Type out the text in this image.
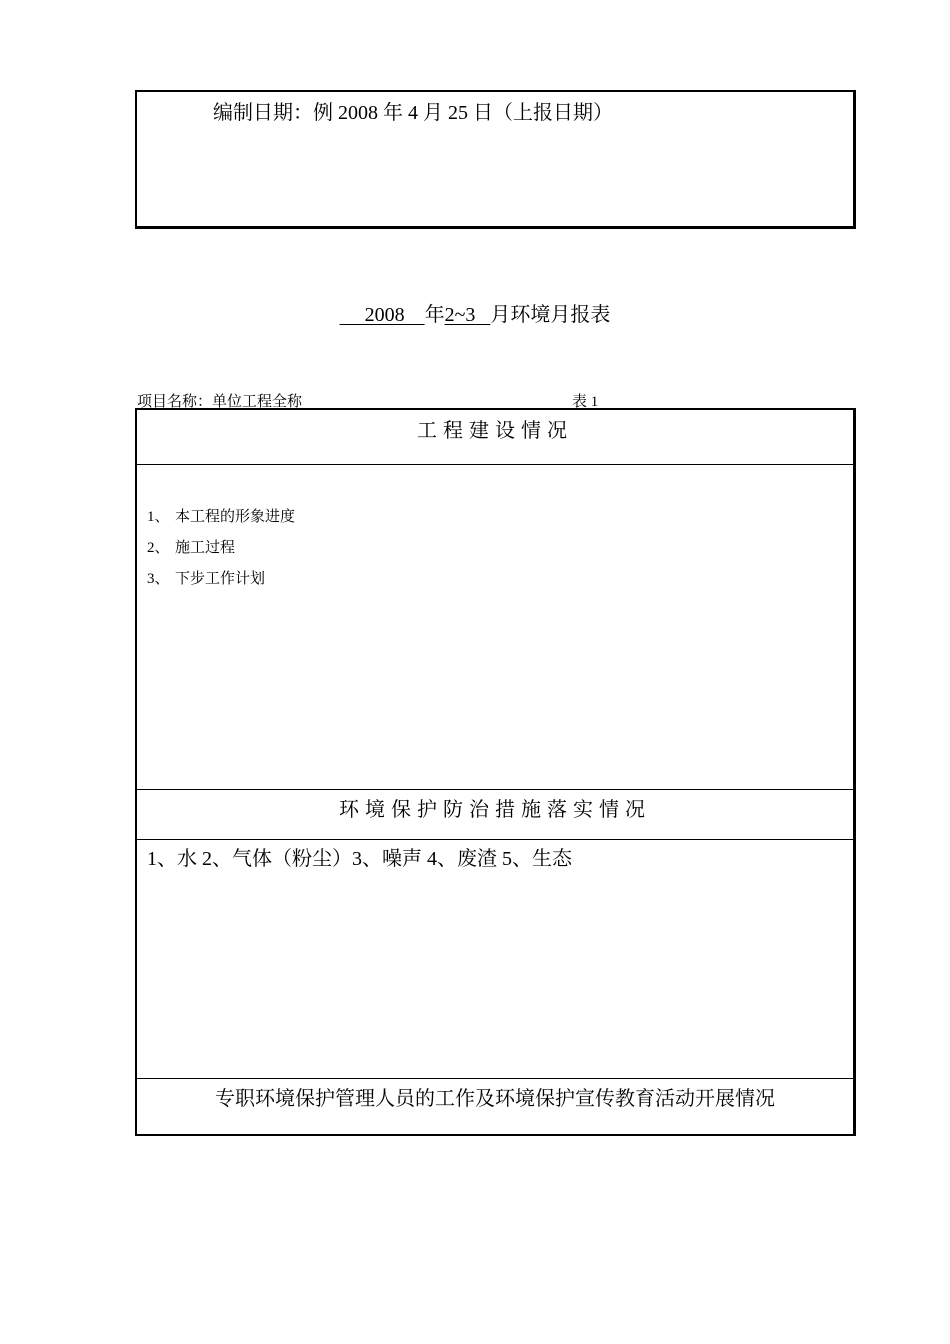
编制日期：例 2008 年 4 月 25 日（上报日期）
2008 年2~3 月环境月报表
项目名称：单位工程全称	表 1
工程建设情况
1、 本工程的形象进度
2、 施工过程
3、 下步工作计划
环境保护防治措施落实情况
1、水 2、气体（粉尘）3、噪声 4、废渣 5、生态
专职环境保护管理人员的工作及环境保护宣传教育活动开展情况
